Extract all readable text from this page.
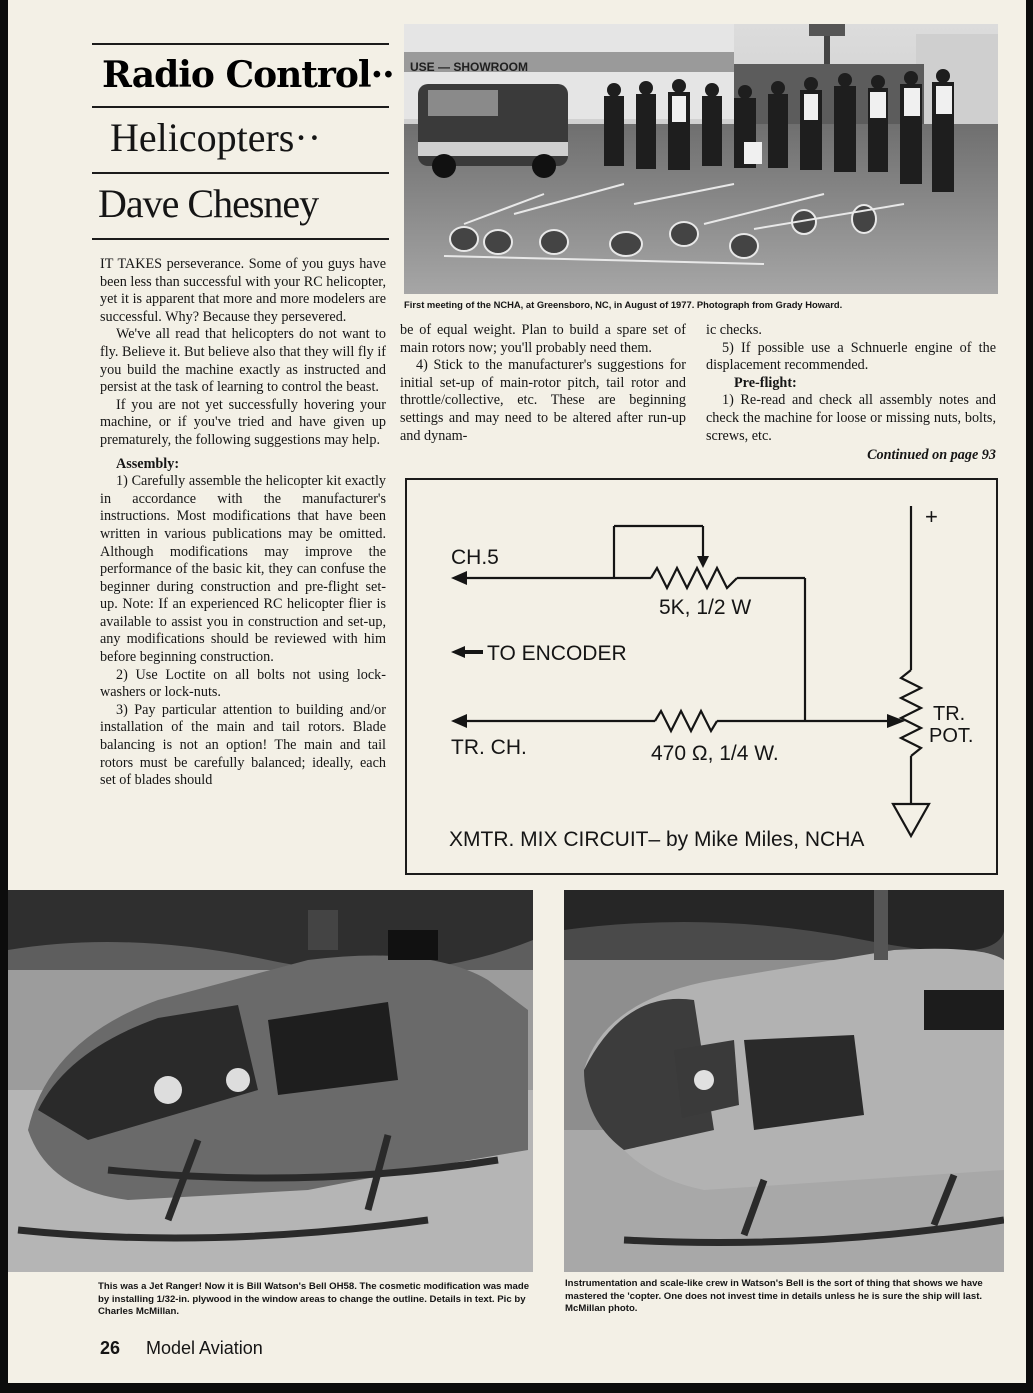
Radio Control··
Helicopters··
Dave Chesney
USE — SHOWROOM
First meeting of the NCHA, at Greensboro, NC, in August of 1977. Photograph from Grady Howard.

IT TAKES perseverance. Some of you guys have been less than successful with your RC helicopter, yet it is apparent that more and more modelers are successful. Why? Because they persevered.

We've all read that helicopters do not want to fly. Believe it. But believe also that they will fly if you build the machine exactly as instructed and persist at the task of learning to control the beast.

If you are not yet successfully hovering your machine, or if you've tried and have given up prematurely, the following suggestions may help.

Assembly:

1) Carefully assemble the helicopter kit exactly in accordance with the manufacturer's instructions. Most modifications that have been written in various publications may be omitted. Although modifications may improve the performance of the basic kit, they can confuse the beginner during construction and pre-flight set-up. Note: If an experienced RC helicopter flier is available to assist you in construction and set-up, any modifications should be reviewed with him before beginning construction.

2) Use Loctite on all bolts not using lock-washers or lock-nuts.

3) Pay particular attention to building and/or installation of the main and tail rotors. Blade balancing is not an option! The main and tail rotors must be carefully balanced; ideally, each set of blades should

be of equal weight. Plan to build a spare set of main rotors now; you'll probably need them.

4) Stick to the manufacturer's suggestions for initial set-up of main-rotor pitch, tail rotor and throttle/collective, etc. These are beginning settings and may need to be altered after run-up and dynam-

ic checks.

5) If possible use a Schnuerle engine of the displacement recommended.

Pre-flight:

1) Re-read and check all assembly notes and check the machine for loose or missing nuts, bolts, screws, etc.

Continued on page 93

CH.5
5K, 1/2 W
TO ENCODER
TR. CH.	470 Ω, 1/4 W.
TR.
POT.
+
XMTR. MIX CIRCUIT– by Mike Miles, NCHA
This was a Jet Ranger! Now it is Bill Watson's Bell OH58. The cosmetic modification was made by installing 1/32-in. plywood in the window areas to change the outline. Details in text. Pic by Charles McMillan.
Instrumentation and scale-like crew in Watson's Bell is the sort of thing that shows we have mastered the 'copter. One does not invest time in details unless he is sure the ship will last. McMillan photo.
26 Model Aviation
